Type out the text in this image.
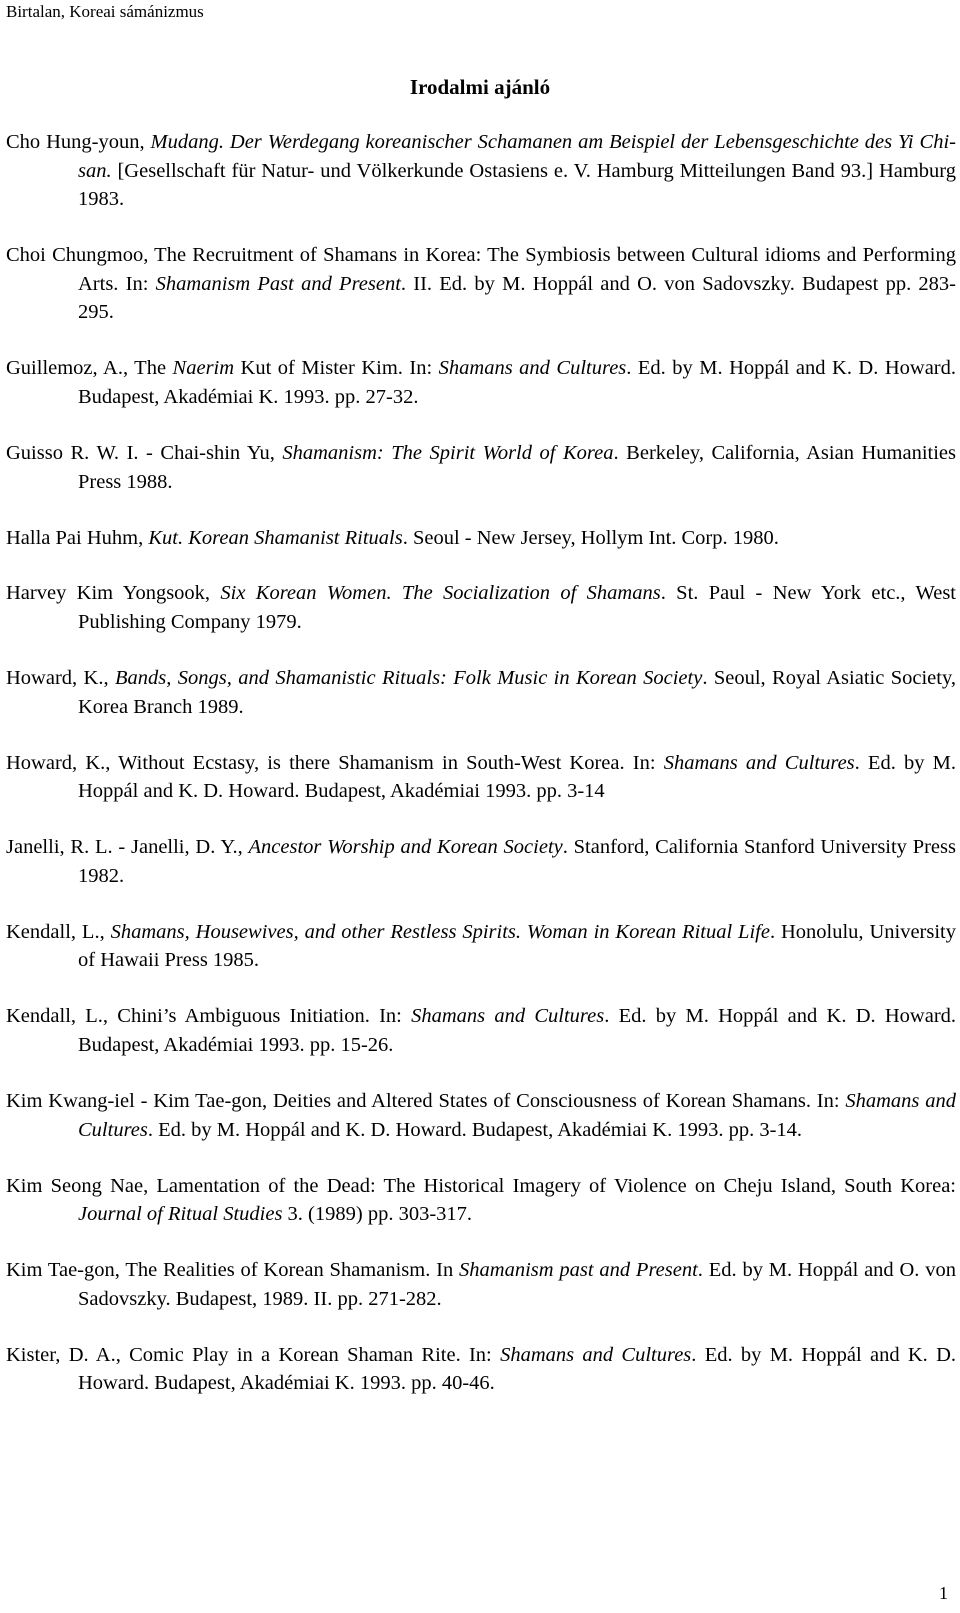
Birtalan, Koreai sámánizmus
Irodalmi ajánló

Cho Hung-youn, Mudang. Der Werdegang koreanischer Schamanen am Beispiel der Lebensgeschichte des Yi Chi-san. [Gesellschaft für Natur- und Völkerkunde Ostasiens e. V. Hamburg Mitteilungen Band 93.] Hamburg 1983.

Choi Chungmoo, The Recruitment of Shamans in Korea: The Symbiosis between Cultural idioms and Performing Arts. In: Shamanism Past and Present. II. Ed. by M. Hoppál and O. von Sadovszky. Budapest pp. 283- 295.

Guillemoz, A., The Naerim Kut of Mister Kim. In: Shamans and Cultures. Ed. by M. Hoppál and K. D. Howard. Budapest, Akadémiai K. 1993. pp. 27-32.

Guisso R. W. I. - Chai-shin Yu, Shamanism: The Spirit World of Korea. Berkeley, California, Asian Humanities Press 1988.

Halla Pai Huhm, Kut. Korean Shamanist Rituals. Seoul - New Jersey, Hollym Int. Corp. 1980.

Harvey Kim Yongsook, Six Korean Women. The Socialization of Shamans. St. Paul - New York etc., West Publishing Company 1979.

Howard, K., Bands, Songs, and Shamanistic Rituals: Folk Music in Korean Society. Seoul, Royal Asiatic Society, Korea Branch 1989.

Howard, K., Without Ecstasy, is there Shamanism in South-West Korea. In: Shamans and Cultures. Ed. by M. Hoppál and K. D. Howard. Budapest, Akadémiai 1993. pp. 3-14

Janelli, R. L. - Janelli, D. Y., Ancestor Worship and Korean Society. Stanford, California Stanford University Press 1982.

Kendall, L., Shamans, Housewives, and other Restless Spirits. Woman in Korean Ritual Life. Honolulu, University of Hawaii Press 1985.

Kendall, L., Chini’s Ambiguous Initiation. In: Shamans and Cultures. Ed. by M. Hoppál and K. D. Howard. Budapest, Akadémiai 1993. pp. 15-26.

Kim Kwang-iel - Kim Tae-gon, Deities and Altered States of Consciousness of Korean Shamans. In: Shamans and Cultures. Ed. by M. Hoppál and K. D. Howard. Budapest, Akadémiai K. 1993. pp. 3-14.

Kim Seong Nae, Lamentation of the Dead: The Historical Imagery of Violence on Cheju Island, South Korea: Journal of Ritual Studies 3. (1989) pp. 303-317.

Kim Tae-gon, The Realities of Korean Shamanism. In Shamanism past and Present. Ed. by M. Hoppál and O. von Sadovszky. Budapest, 1989. II. pp. 271-282.

Kister, D. A., Comic Play in a Korean Shaman Rite. In: Shamans and Cultures. Ed. by M. Hoppál and K. D. Howard. Budapest, Akadémiai K. 1993. pp. 40-46.

1
